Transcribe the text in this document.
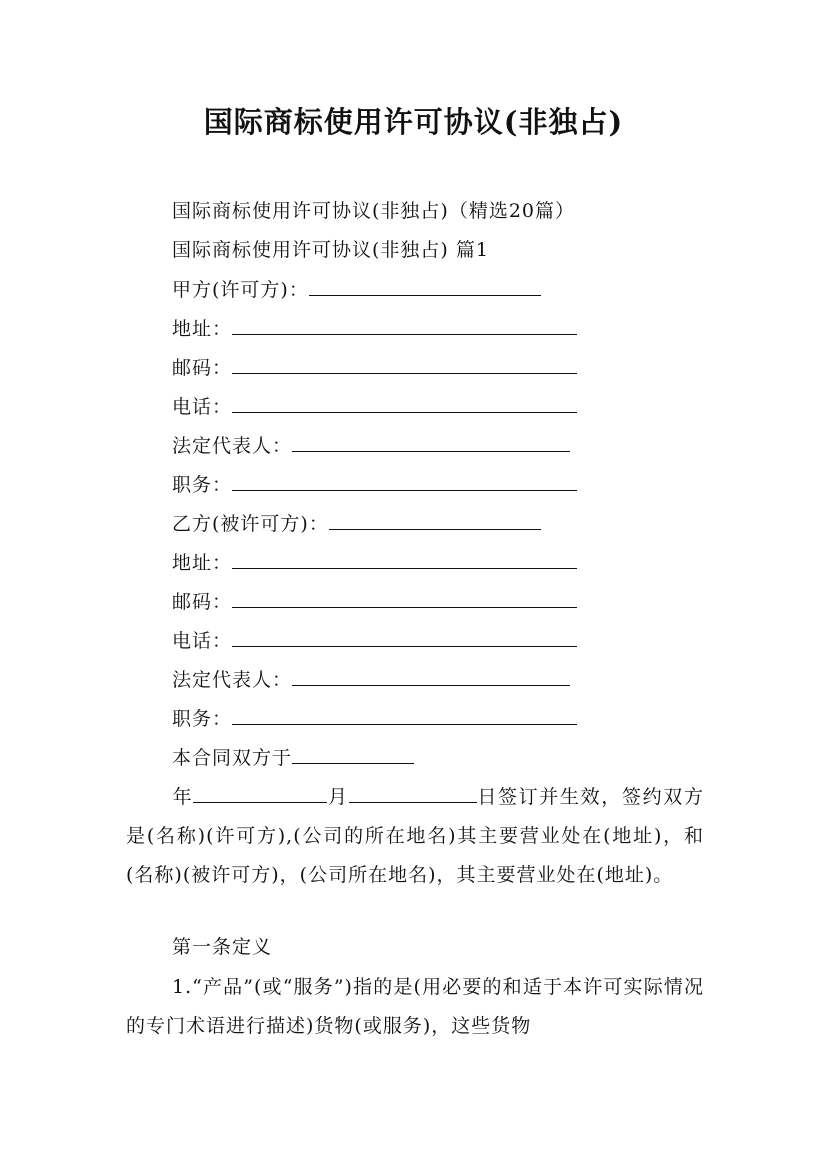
国际商标使用许可协议(非独占)
国际商标使用许可协议(非独占)（精选20篇）
国际商标使用许可协议(非独占) 篇1
甲方(许可方)：
地址：
邮码：
电话：
法定代表人：
职务：
乙方(被许可方)：
地址：
邮码：
电话：
法定代表人：
职务：
本合同双方于
年	月	日签订并生效，签约双方是(名称)(许可方),(公司的所在地名)其主要营业处在(地址)，和(名称)(被许可方)，(公司所在地名)，其主要营业处在(地址)。
第一条定义
1.“产品”(或“服务”)指的是(用必要的和适于本许可实际情况的专门术语进行描述)货物(或服务)，这些货物
